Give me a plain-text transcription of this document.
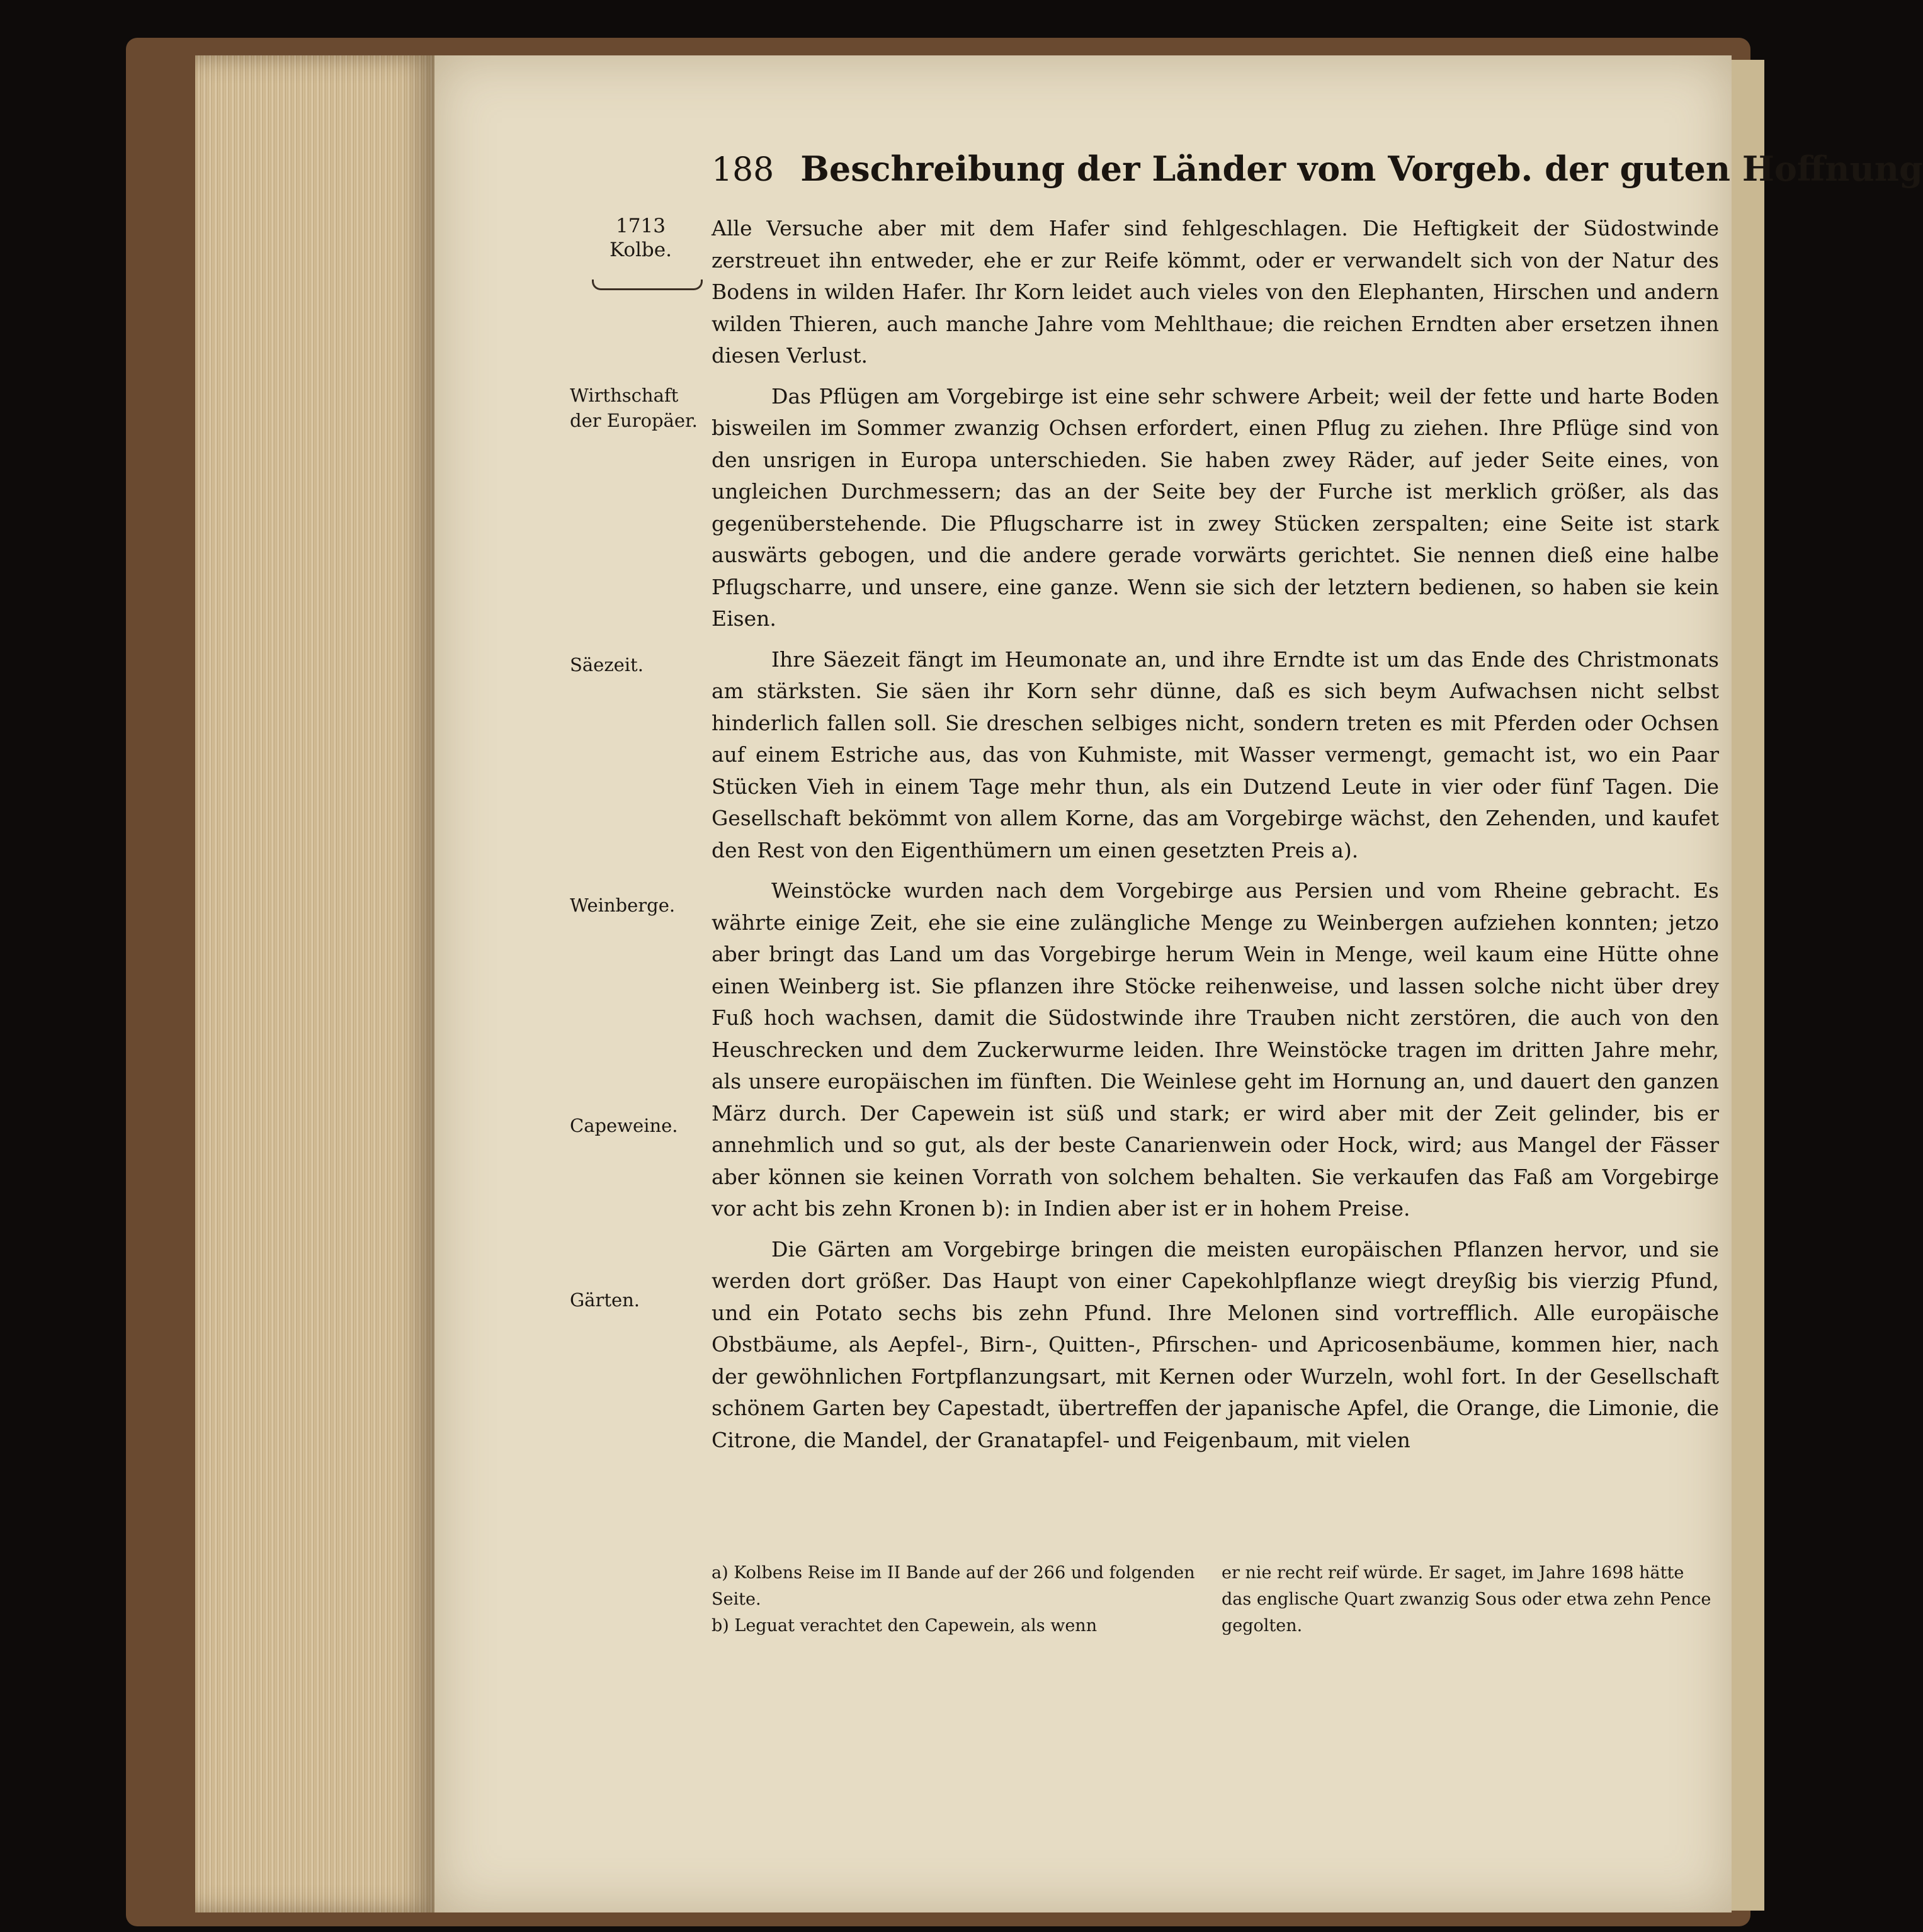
188 Beschreibung der Länder vom Vorgeb. der guten Hoffnung
1713
Kolbe.
Wirthschaft der Europäer.
Säezeit.
Weinberge.
Capeweine.
Gärten.

Alle Versuche aber mit dem Hafer sind fehlgeschlagen. Die Heftigkeit der Südostwinde zerstreuet ihn entweder, ehe er zur Reife kömmt, oder er verwandelt sich von der Natur des Bodens in wilden Hafer. Ihr Korn leidet auch vieles von den Elephanten, Hirschen und andern wilden Thieren, auch manche Jahre vom Mehlthaue; die reichen Erndten aber ersetzen ihnen diesen Verlust.

Das Pflügen am Vorgebirge ist eine sehr schwere Arbeit; weil der fette und harte Boden bisweilen im Sommer zwanzig Ochsen erfordert, einen Pflug zu ziehen. Ihre Pflüge sind von den unsrigen in Europa unterschieden. Sie haben zwey Räder, auf jeder Seite eines, von ungleichen Durchmessern; das an der Seite bey der Furche ist merklich größer, als das gegenüberstehende. Die Pflugscharre ist in zwey Stücken zerspalten; eine Seite ist stark auswärts gebogen, und die andere gerade vorwärts gerichtet. Sie nennen dieß eine halbe Pflugscharre, und unsere, eine ganze. Wenn sie sich der letztern bedienen, so haben sie kein Eisen.

Ihre Säezeit fängt im Heumonate an, und ihre Erndte ist um das Ende des Christmonats am stärksten. Sie säen ihr Korn sehr dünne, daß es sich beym Aufwachsen nicht selbst hinderlich fallen soll. Sie dreschen selbiges nicht, sondern treten es mit Pferden oder Ochsen auf einem Estriche aus, das von Kuhmiste, mit Wasser vermengt, gemacht ist, wo ein Paar Stücken Vieh in einem Tage mehr thun, als ein Dutzend Leute in vier oder fünf Tagen. Die Gesellschaft bekömmt von allem Korne, das am Vorgebirge wächst, den Zehenden, und kaufet den Rest von den Eigenthümern um einen gesetzten Preis a).

Weinstöcke wurden nach dem Vorgebirge aus Persien und vom Rheine gebracht. Es währte einige Zeit, ehe sie eine zulängliche Menge zu Weinbergen aufziehen konnten; jetzo aber bringt das Land um das Vorgebirge herum Wein in Menge, weil kaum eine Hütte ohne einen Weinberg ist. Sie pflanzen ihre Stöcke reihenweise, und lassen solche nicht über drey Fuß hoch wachsen, damit die Südostwinde ihre Trauben nicht zerstören, die auch von den Heuschrecken und dem Zuckerwurme leiden. Ihre Weinstöcke tragen im dritten Jahre mehr, als unsere europäischen im fünften. Die Weinlese geht im Hornung an, und dauert den ganzen März durch. Der Capewein ist süß und stark; er wird aber mit der Zeit gelinder, bis er annehmlich und so gut, als der beste Canarienwein oder Hock, wird; aus Mangel der Fässer aber können sie keinen Vorrath von solchem behalten. Sie verkaufen das Faß am Vorgebirge vor acht bis zehn Kronen b): in Indien aber ist er in hohem Preise.

Die Gärten am Vorgebirge bringen die meisten europäischen Pflanzen hervor, und sie werden dort größer. Das Haupt von einer Capekohlpflanze wiegt dreyßig bis vierzig Pfund, und ein Potato sechs bis zehn Pfund. Ihre Melonen sind vortrefflich. Alle europäische Obstbäume, als Aepfel-, Birn-, Quitten-, Pfirschen- und Apricosenbäume, kommen hier, nach der gewöhnlichen Fortpflanzungsart, mit Kernen oder Wurzeln, wohl fort. In der Gesellschaft schönem Garten bey Capestadt, übertreffen der japanische Apfel, die Orange, die Limonie, die Citrone, die Mandel, der Granatapfel- und Feigenbaum, mit vielen

a) Kolbens Reise im II Bande auf der 266 und folgenden Seite.

b) Leguat verachtet den Capewein, als wenn

er nie recht reif würde. Er saget, im Jahre 1698 hätte das englische Quart zwanzig Sous oder etwa zehn Pence gegolten.
